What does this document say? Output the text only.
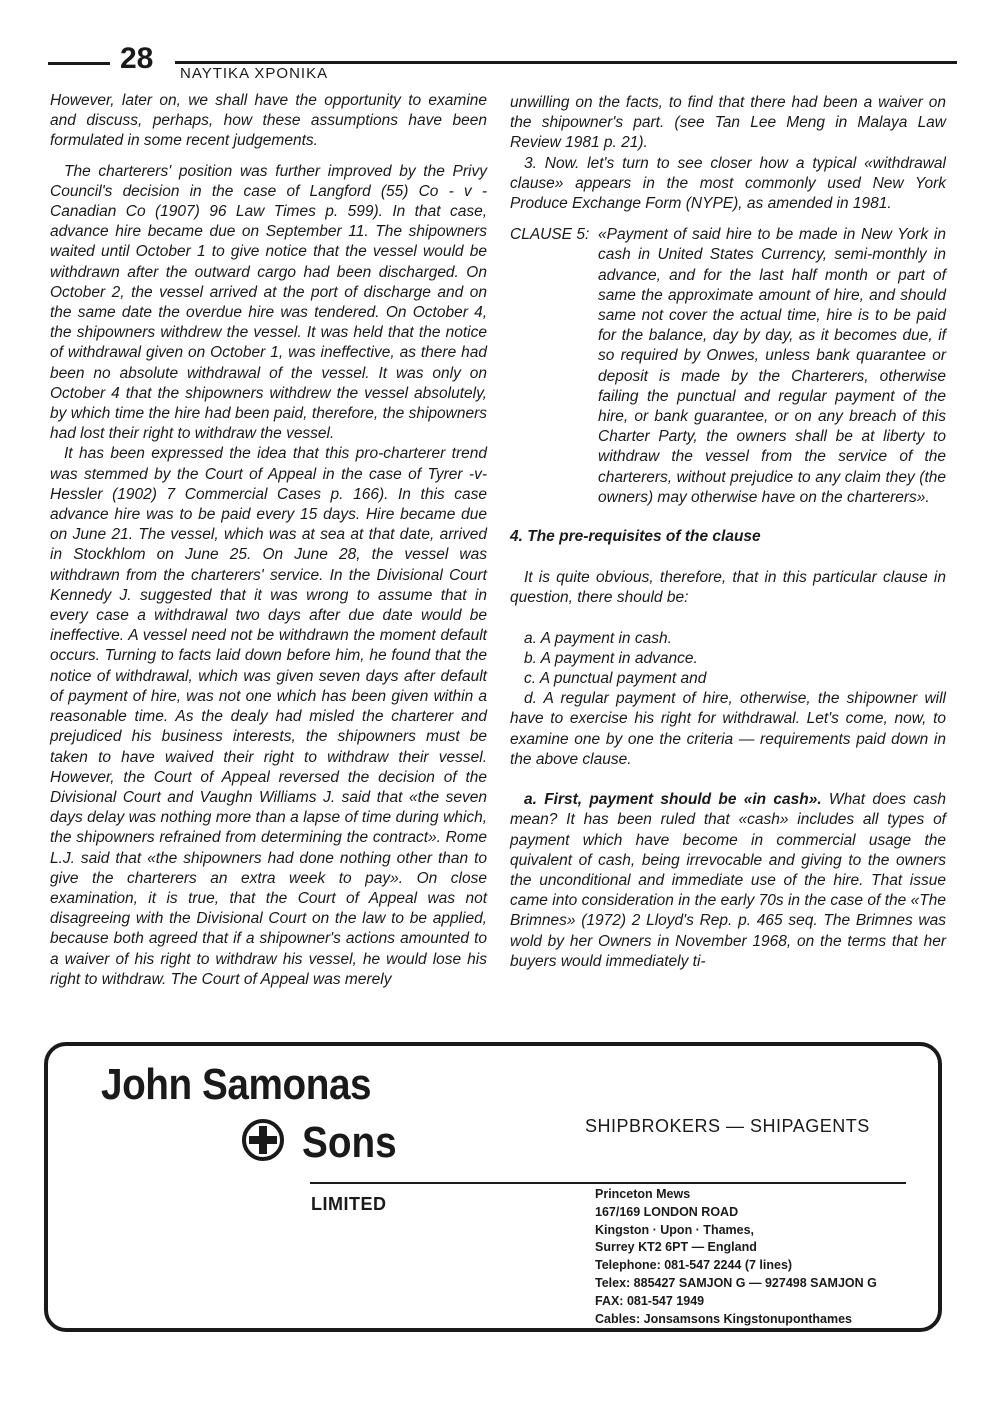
28 ΝΑΥΤΙΚΑ ΧΡΟΝΙΚΑ

However, later on, we shall have the opportunity to examine and discuss, perhaps, how these assumptions have been formulated in some recent judgements.

The charterers' position was further improved by the Privy Council's decision in the case of Langford (55) Co - v - Canadian Co (1907) 96 Law Times p. 599). In that case, advance hire became due on September 11. The shipowners waited until October 1 to give notice that the vessel would be withdrawn after the outward cargo had been discharged. On October 2, the vessel arrived at the port of discharge and on the same date the overdue hire was tendered. On October 4, the shipowners withdrew the vessel. It was held that the notice of withdrawal given on October 1, was ineffective, as there had been no absolute withdrawal of the vessel. It was only on October 4 that the shipowners withdrew the vessel absolutely, by which time the hire had been paid, therefore, the shipowners had lost their right to withdraw the vessel.

It has been expressed the idea that this pro-charterer trend was stemmed by the Court of Appeal in the case of Tyrer -v- Hessler (1902) 7 Commercial Cases p. 166). In this case advance hire was to be paid every 15 days. Hire became due on June 21. The vessel, which was at sea at that date, arrived in Stockhlom on June 25. On June 28, the vessel was withdrawn from the charterers' service. In the Divisional Court Kennedy J. suggested that it was wrong to assume that in every case a withdrawal two days after due date would be ineffective. A vessel need not be withdrawn the moment default occurs. Turning to facts laid down before him, he found that the notice of withdrawal, which was given seven days after default of payment of hire, was not one which has been given within a reasonable time. As the dealy had misled the charterer and prejudiced his business interests, the shipowners must be taken to have waived their right to withdraw their vessel. However, the Court of Appeal reversed the decision of the Divisional Court and Vaughn Williams J. said that «the seven days delay was nothing more than a lapse of time during which, the shipowners refrained from determining the contract». Rome L.J. said that «the shipowners had done nothing other than to give the charterers an extra week to pay». On close examination, it is true, that the Court of Appeal was not disagreeing with the Divisional Court on the law to be applied, because both agreed that if a shipowner's actions amounted to a waiver of his right to withdraw his vessel, he would lose his right to withdraw. The Court of Appeal was merely

unwilling on the facts, to find that there had been a waiver on the shipowner's part. (see Tan Lee Meng in Malaya Law Review 1981 p. 21).

3. Now. let's turn to see closer how a typical «withdrawal clause» appears in the most commonly used New York Produce Exchange Form (NYPE), as amended in 1981.

CLAUSE 5: «Payment of said hire to be made in New York in cash in United States Currency, semi-monthly in advance, and for the last half month or part of same the approximate amount of hire, and should same not cover the actual time, hire is to be paid for the balance, day by day, as it becomes due, if so required by Onwes, unless bank quarantee or deposit is made by the Charterers, otherwise failing the punctual and regular payment of the hire, or bank guarantee, or on any breach of this Charter Party, the owners shall be at liberty to withdraw the vessel from the service of the charterers, without prejudice to any claim they (the owners) may otherwise have on the charterers».

4. The pre-requisites of the clause

It is quite obvious, therefore, that in this particular clause in question, there should be:

a. A payment in cash.

b. A payment in advance.

c. A punctual payment and

d. A regular payment of hire, otherwise, the shipowner will have to exercise his right for withdrawal. Let's come, now, to examine one by one the criteria — requirements paid down in the above clause.

a. First, payment should be «in cash». What does cash mean? It has been ruled that «cash» includes all types of payment which have become in commercial usage the quivalent of cash, being irrevocable and giving to the owners the unconditional and immediate use of the hire. That issue came into consideration in the early 70s in the case of the «The Brimnes» (1972) 2 Lloyd's Rep. p. 465 seq. The Brimnes was wold by her Owners in November 1968, on the terms that her buyers would immediately ti-

John Samonas
Sons	SHIPBROKERS — SHIPAGENTS
LIMITED	Princeton Mews
167/169 LONDON ROAD
Kingston · Upon · Thames,
Surrey KT2 6PT — England
Telephone: 081-547 2244 (7 lines)
Telex: 885427 SAMJON G — 927498 SAMJON G
FAX: 081-547 1949
Cables: Jonsamsons Kingstonuponthames
